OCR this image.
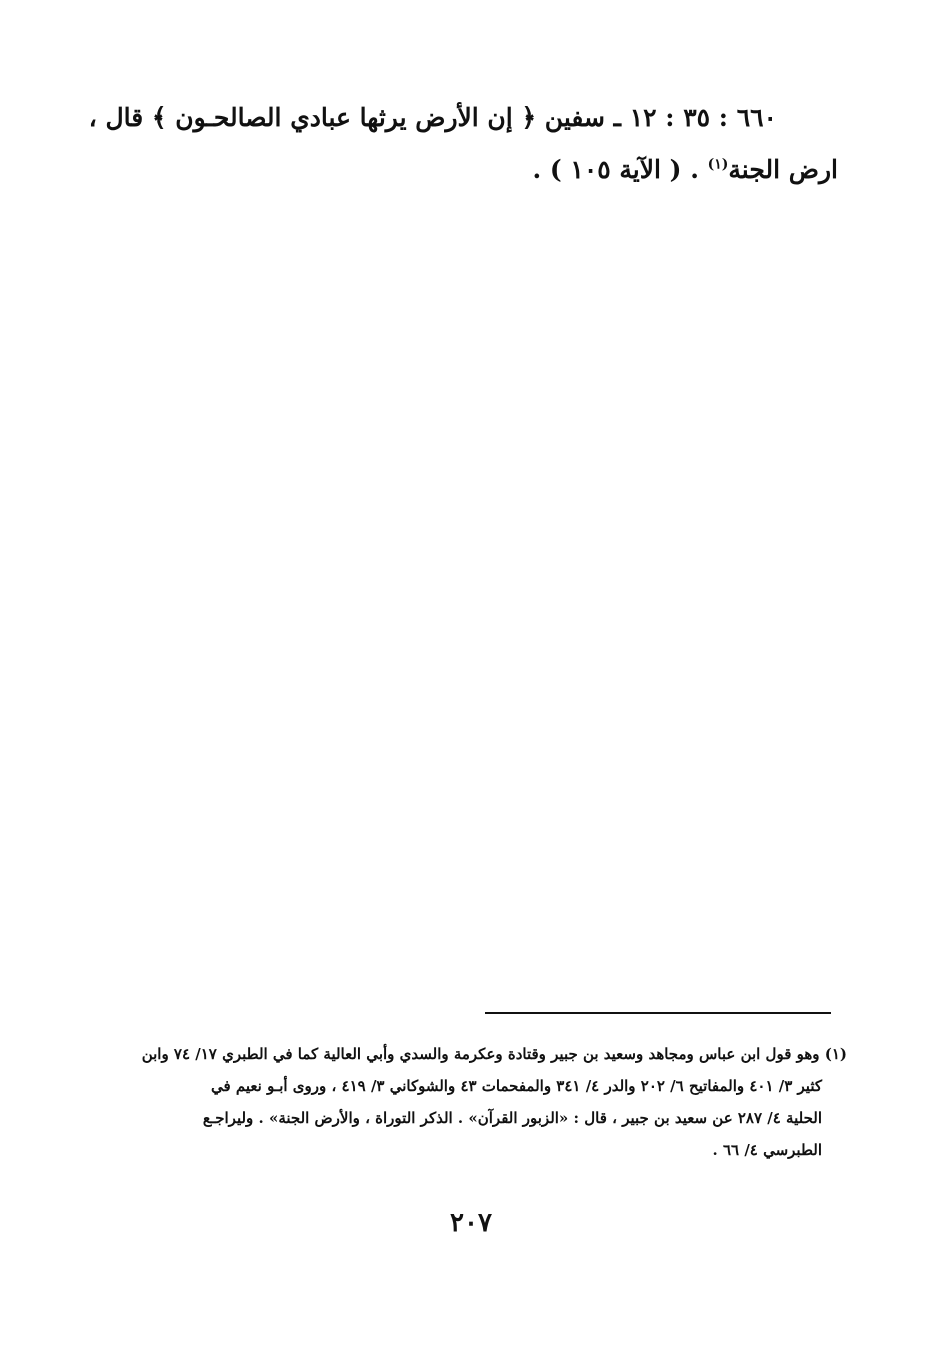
٦٦٠ : ٣٥ : ١٢ ـ سفين ﴿ إن الأرض يرثها عبادي الصالحـون ﴾ قال ،
ارض الجنة$^{(١)}$ . ( الآية ١٠٥ ) .
(١) وهو قول ابن عباس ومجاهد وسعيد بن جبير وقتادة وعكرمة والسدي وأبي العالية كما في الطبري ١٧/ ٧٤ وابن
كثير ٣/ ٤٠١ والمفاتيح ٦/ ٢٠٢ والدر ٤/ ٣٤١ والمفحمات ٤٣ والشوكاني ٣/ ٤١٩ ، وروى أبـو نعيم في
الحلية ٤/ ٢٨٧ عن سعيد بن جبير ، قال : «الزبور القرآن» . الذكر التوراة ، والأرض الجنة» . وليراجـع
الطبرسي ٤/ ٦٦ .
٢٠٧
